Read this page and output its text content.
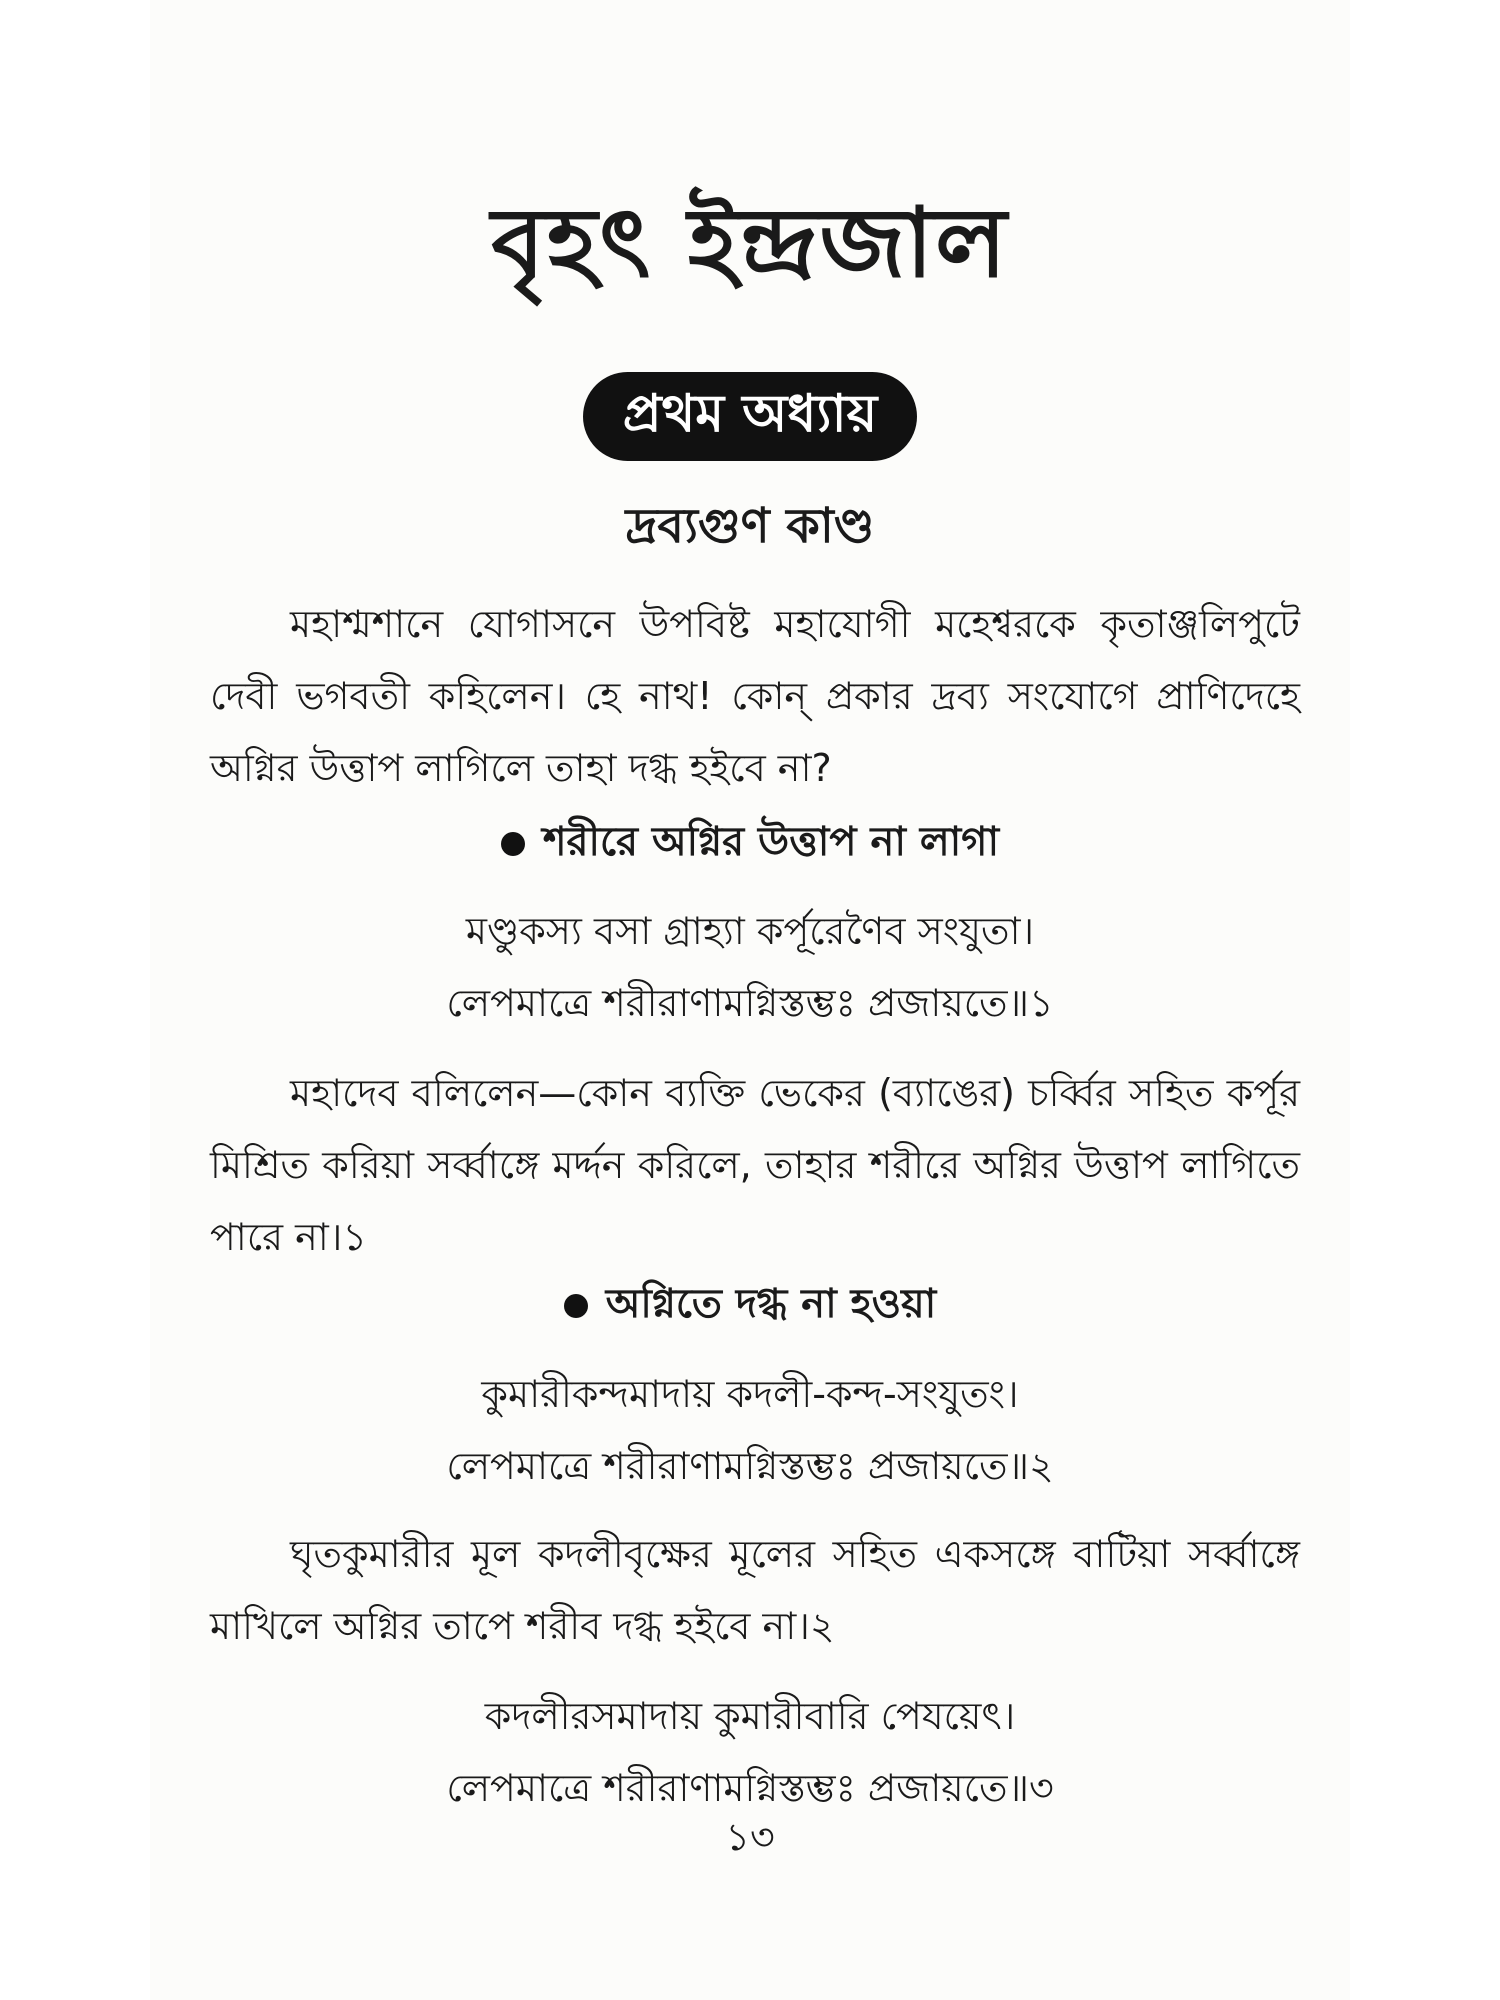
বৃহৎ ইন্দ্রজাল
প্রথম অধ্যায়
দ্রব্যগুণ কাণ্ড
মহাশ্মশানে যোগাসনে উপবিষ্ট মহাযোগী মহেশ্বরকে কৃতাঞ্জলিপুটে দেবী ভগবতী কহিলেন। হে নাথ! কোন্ প্রকার দ্রব্য সংযোগে প্রাণিদেহে অগ্নির উত্তাপ লাগিলে তাহা দগ্ধ হইবে না?
শরীরে অগ্নির উত্তাপ না লাগা
মণ্ডুকস্য বসা গ্রাহ্যা কর্পূরেণৈব সংযুতা।
লেপমাত্রে শরীরাণামগ্নিস্তম্ভঃ প্রজায়তে॥১
মহাদেব বলিলেন—কোন ব্যক্তি ভেকের (ব্যাঙের) চর্ব্বির সহিত কর্পূর মিশ্রিত করিয়া সর্ব্বাঙ্গে মর্দ্দন করিলে, তাহার শরীরে অগ্নির উত্তাপ লাগিতে পারে না।১
অগ্নিতে দগ্ধ না হওয়া
কুমারীকন্দমাদায় কদলী-কন্দ-সংযুতং।
লেপমাত্রে শরীরাণামগ্নিস্তম্ভঃ প্রজায়তে॥২
ঘৃতকুমারীর মূল কদলীবৃক্ষের মূলের সহিত একসঙ্গে বাটিয়া সর্ব্বাঙ্গে মাখিলে অগ্নির তাপে শরীব দগ্ধ হইবে না।২
কদলীরসমাদায় কুমারীবারি পেযয়েৎ।
লেপমাত্রে শরীরাণামগ্নিস্তম্ভঃ প্রজায়তে॥৩
১৩
